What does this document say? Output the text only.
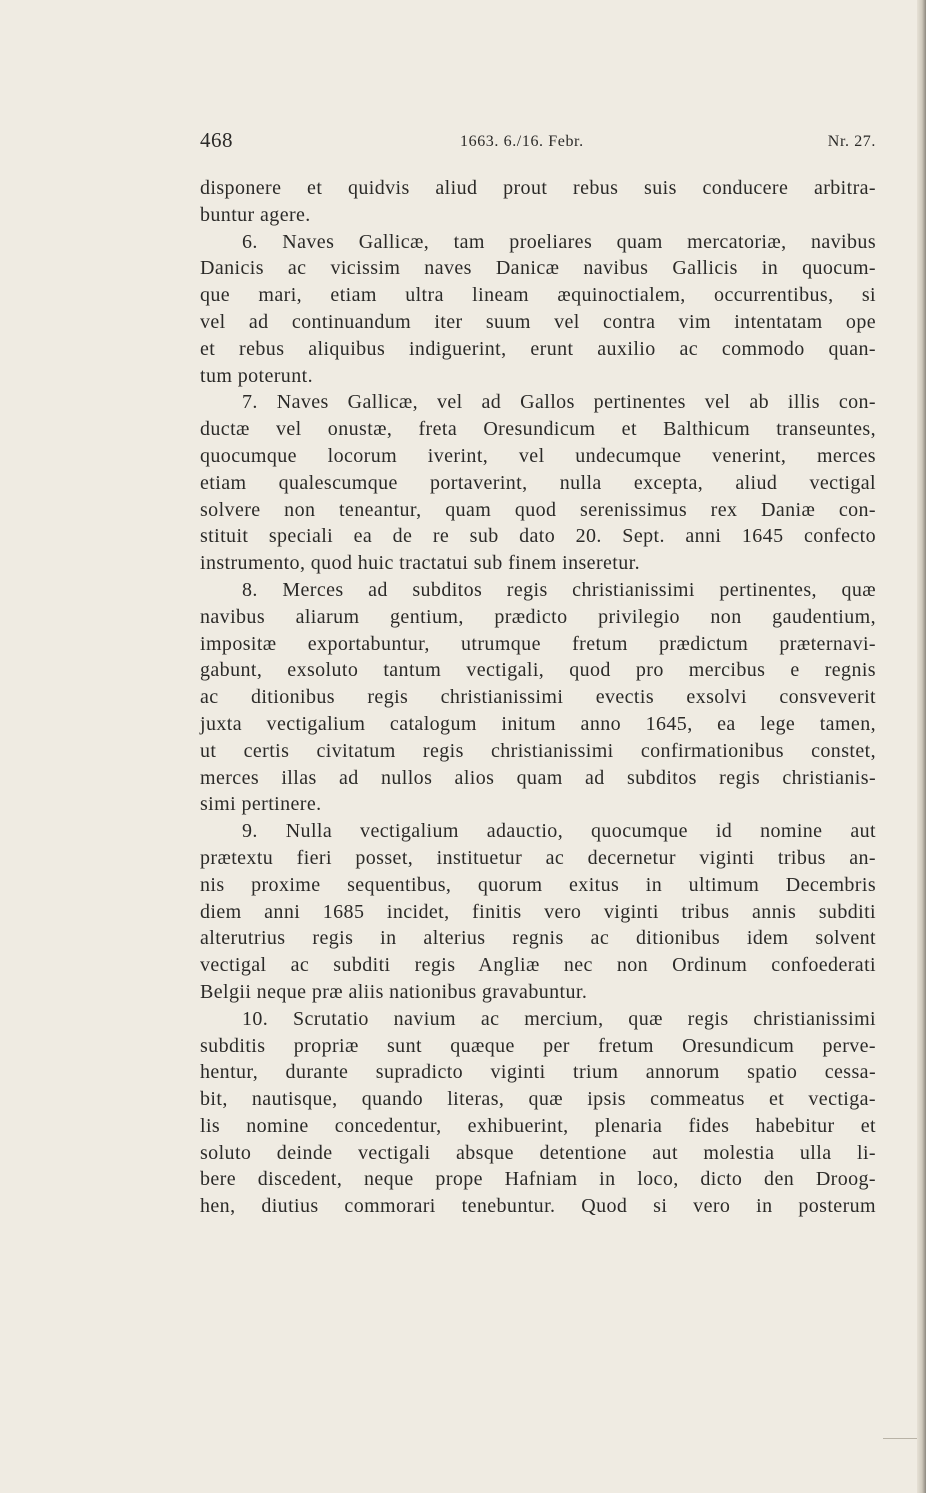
468	1663. 6./16. Febr.	Nr. 27.
disponere et quidvis aliud prout rebus suis conducere arbitra-
buntur agere.
6. Naves Gallicæ, tam proeliares quam mercatoriæ, navibus
Danicis ac vicissim naves Danicæ navibus Gallicis in quocum-
que mari, etiam ultra lineam æquinoctialem, occurrentibus, si
vel ad continuandum iter suum vel contra vim intentatam ope
et rebus aliquibus indiguerint, erunt auxilio ac commodo quan-
tum poterunt.
7. Naves Gallicæ, vel ad Gallos pertinentes vel ab illis con-
ductæ vel onustæ, freta Oresundicum et Balthicum transeuntes,
quocumque locorum iverint, vel undecumque venerint, merces
etiam qualescumque portaverint, nulla excepta, aliud vectigal
solvere non teneantur, quam quod serenissimus rex Daniæ con-
stituit speciali ea de re sub dato 20. Sept. anni 1645 confecto
instrumento, quod huic tractatui sub finem inseretur.
8. Merces ad subditos regis christianissimi pertinentes, quæ
navibus aliarum gentium, prædicto privilegio non gaudentium,
impositæ exportabuntur, utrumque fretum prædictum præternavi-
gabunt, exsoluto tantum vectigali, quod pro mercibus e regnis
ac ditionibus regis christianissimi evectis exsolvi consveverit
juxta vectigalium catalogum initum anno 1645, ea lege tamen,
ut certis civitatum regis christianissimi confirmationibus constet,
merces illas ad nullos alios quam ad subditos regis christianis-
simi pertinere.
9. Nulla vectigalium adauctio, quocumque id nomine aut
prætextu fieri posset, instituetur ac decernetur viginti tribus an-
nis proxime sequentibus, quorum exitus in ultimum Decembris
diem anni 1685 incidet, finitis vero viginti tribus annis subditi
alterutrius regis in alterius regnis ac ditionibus idem solvent
vectigal ac subditi regis Angliæ nec non Ordinum confoederati
Belgii neque præ aliis nationibus gravabuntur.
10. Scrutatio navium ac mercium, quæ regis christianissimi
subditis propriæ sunt quæque per fretum Oresundicum perve-
hentur, durante supradicto viginti trium annorum spatio cessa-
bit, nautisque, quando literas, quæ ipsis commeatus et vectiga-
lis nomine concedentur, exhibuerint, plenaria fides habebitur et
soluto deinde vectigali absque detentione aut molestia ulla li-
bere discedent, neque prope Hafniam in loco, dicto den Droog-
hen, diutius commorari tenebuntur. Quod si vero in posterum
